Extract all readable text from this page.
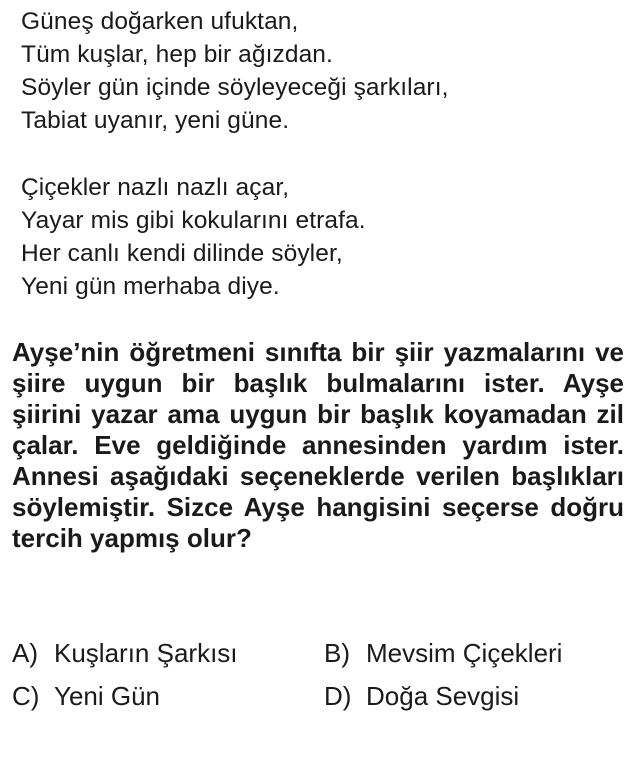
Güneş doğarken ufuktan,
Tüm kuşlar, hep bir ağızdan.
Söyler gün içinde söyleyeceği şarkıları,
Tabiat uyanır, yeni güne.
Çiçekler nazlı nazlı açar,
Yayar mis gibi kokularını etrafa.
Her canlı kendi dilinde söyler,
Yeni gün merhaba diye.
Ayşe’nin öğretmeni sınıfta bir şiir yazmalarını ve şiire uygun bir başlık bulmalarını ister. Ayşe şiirini yazar ama uygun bir başlık koyamadan zil çalar. Eve geldiğinde annesinden yardım ister. Annesi aşağıdaki seçeneklerde verilen başlıkları söylemiştir. Sizce Ayşe hangisini seçerse doğru tercih yapmış olur?
A) Kuşların Şarkısı	B) Mevsim Çiçekleri
C) Yeni Gün	D) Doğa Sevgisi
